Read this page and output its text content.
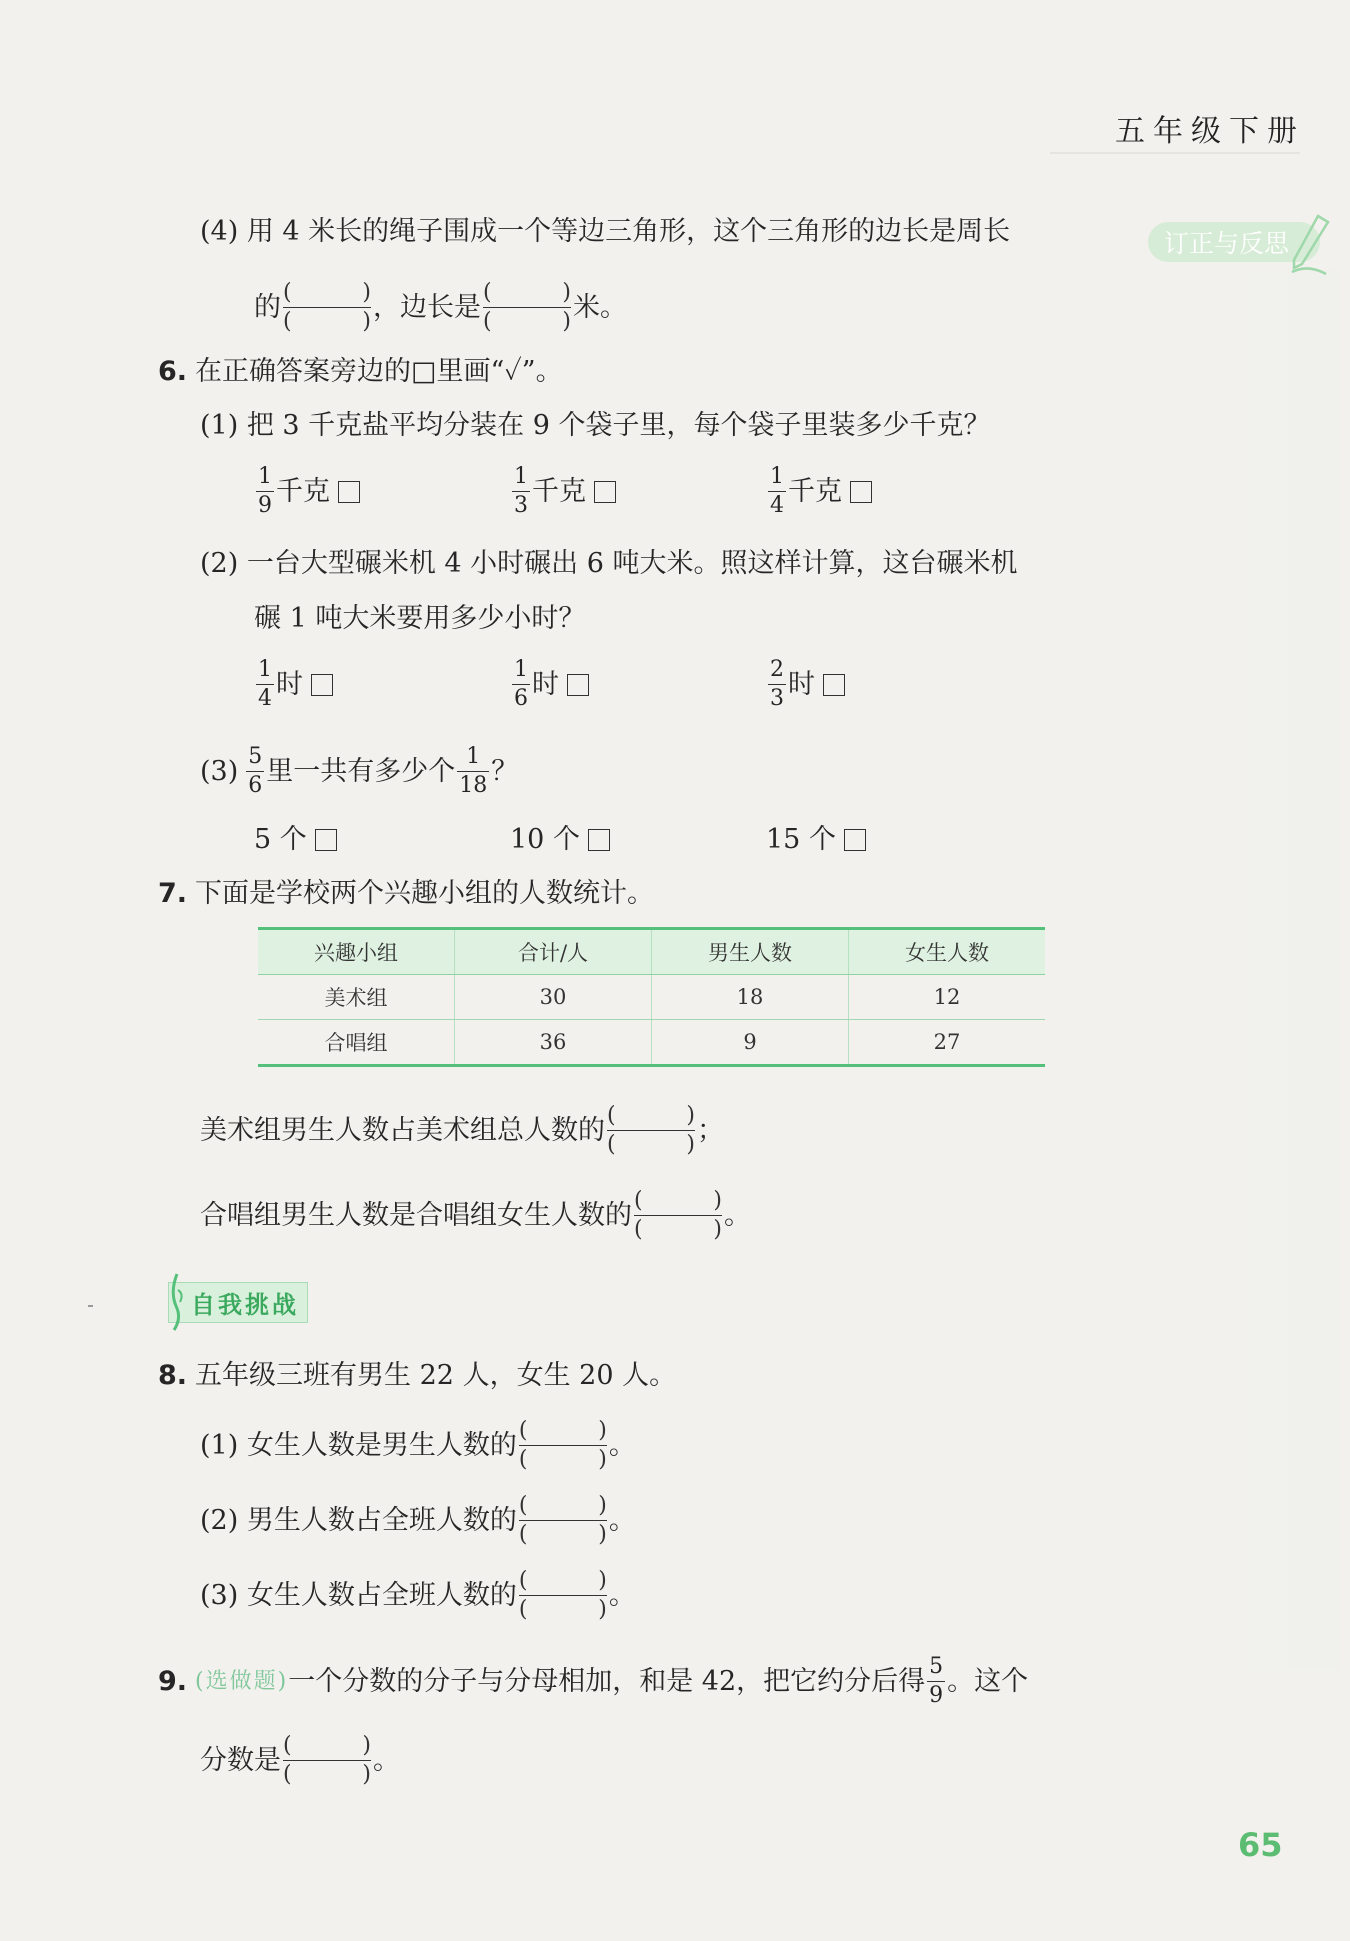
五年级下册
订正与反思
(4) 用 4 米长的绳子围成一个等边三角形，这个三角形的边长是周长
的 (	)
(	) ，边长是 (	)
(	) 米。
6. 在正确答案旁边的□里画“✓”。
(1) 把 3 千克盐平均分装在 9 个袋子里，每个袋子里装多少千克？
$\frac{1}{9}$ 千克	$\frac{1}{3}$ 千克	$\frac{1}{4}$ 千克
(2) 一台大型碾米机 4 小时碾出 6 吨大米。照这样计算，这台碾米机
碾 1 吨大米要用多少小时？
$\frac{1}{4}$ 时	$\frac{1}{6}$ 时	$\frac{2}{3}$ 时
$(3) \frac{5}{6}$ 里一共有多少个 $\frac{1}{18}$ ？
5 个	10 个	15 个
7. 下面是学校两个兴趣小组的人数统计。
兴趣小组	合计/人	男生人数	女生人数
美术组	30	18	12
合唱组	36	9	27
美术组男生人数占美术组总人数的 (	)
(	) ；
合唱组男生人数是合唱组女生人数的 (	)
(	) 。
自我挑战
8. 五年级三班有男生 22 人，女生 20 人。
(1) 女生人数是男生人数的 (	)
(	) 。
(2) 男生人数占全班人数的 (	)
(	) 。
(3) 女生人数占全班人数的 (	)
(	) 。
9. (选做题) 一个分数的分子与分母相加，和是 42，把它约分后得 $\frac{5}{9}$ 。这个
分数是 (	)
(	) 。
65
